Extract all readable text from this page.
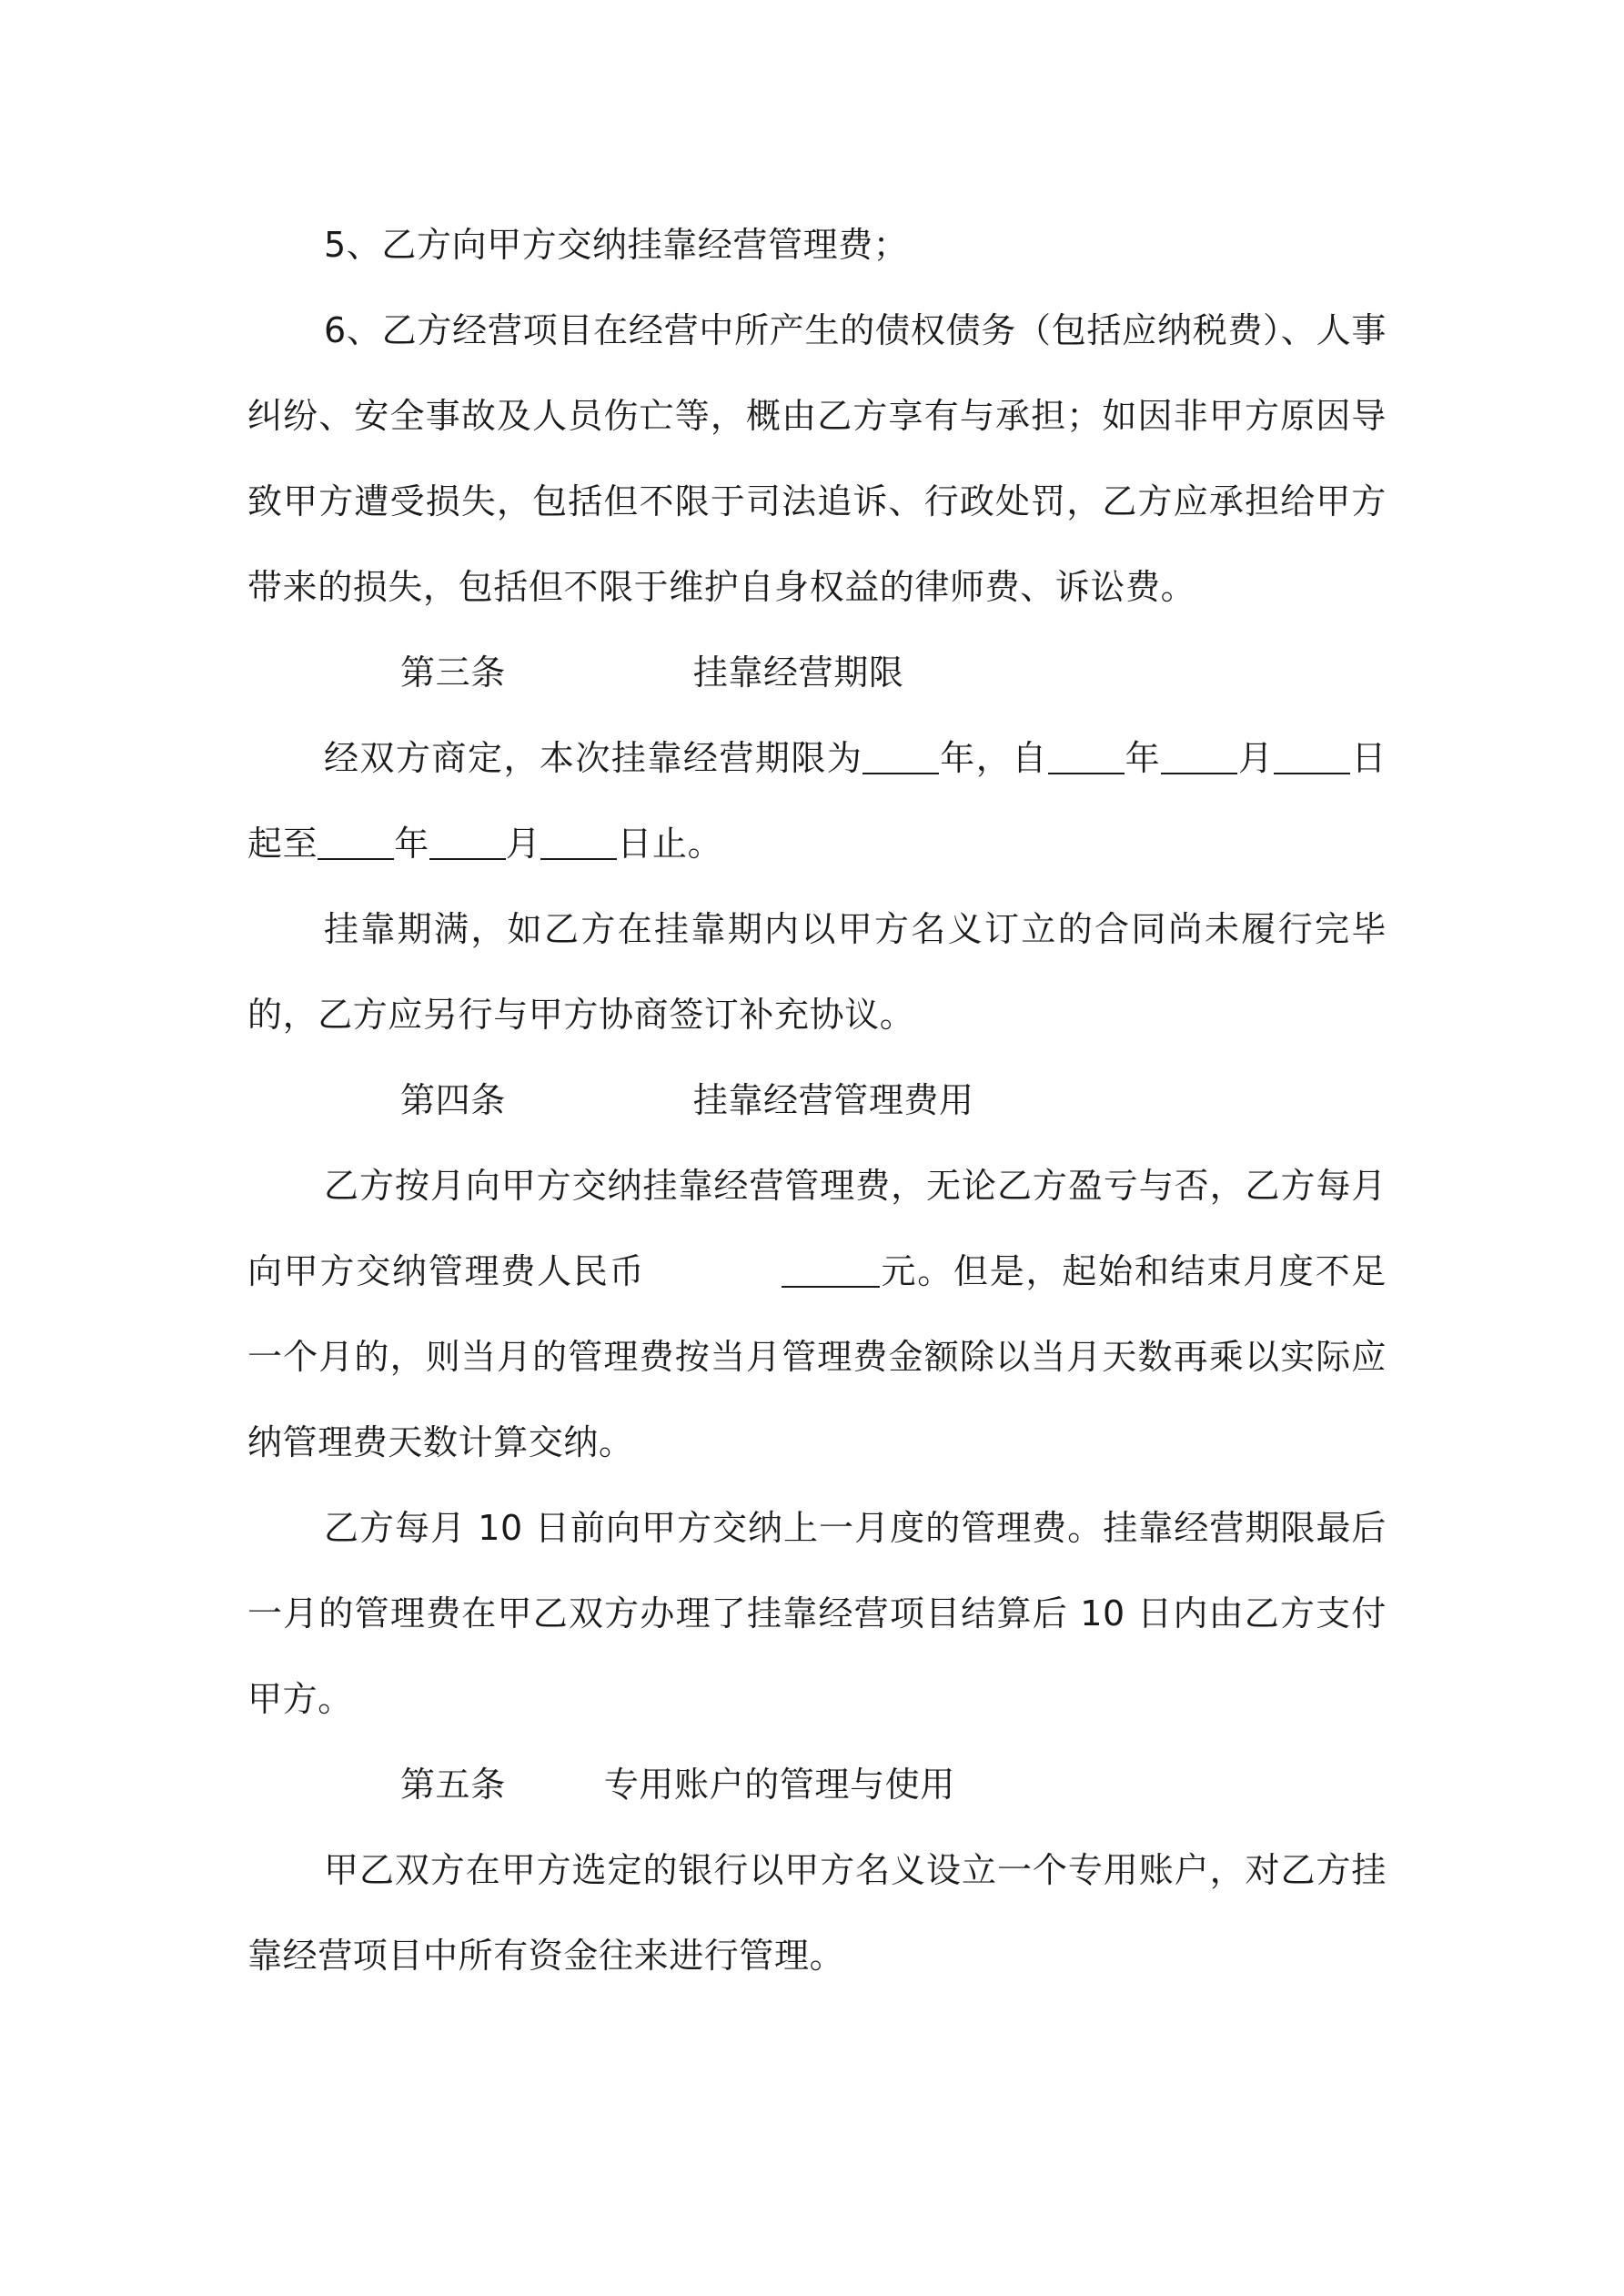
5、乙方向甲方交纳挂靠经营管理费；

6、乙方经营项目在经营中所产生的债权债务（包括应纳税费）、人事纠纷、安全事故及人员伤亡等，概由乙方享有与承担；如因非甲方原因导致甲方遭受损失，包括但不限于司法追诉、行政处罚，乙方应承担给甲方带来的损失，包括但不限于维护自身权益的律师费、诉讼费。

第三条	挂靠经营期限

经双方商定，本次挂靠经营期限为 年，自 年 月 日起至 年 月 日止。

挂靠期满，如乙方在挂靠期内以甲方名义订立的合同尚未履行完毕的，乙方应另行与甲方协商签订补充协议。

第四条	挂靠经营管理费用

乙方按月向甲方交纳挂靠经营管理费，无论乙方盈亏与否，乙方每月向甲方交纳管理费人民币	元。但是，起始和结束月度不足一个月的，则当月的管理费按当月管理费金额除以当月天数再乘以实际应纳管理费天数计算交纳。

乙方每月 10 日前向甲方交纳上一月度的管理费。挂靠经营期限最后一月的管理费在甲乙双方办理了挂靠经营项目结算后 10 日内由乙方支付甲方。

第五条	专用账户的管理与使用

甲乙双方在甲方选定的银行以甲方名义设立一个专用账户，对乙方挂靠经营项目中所有资金往来进行管理。
